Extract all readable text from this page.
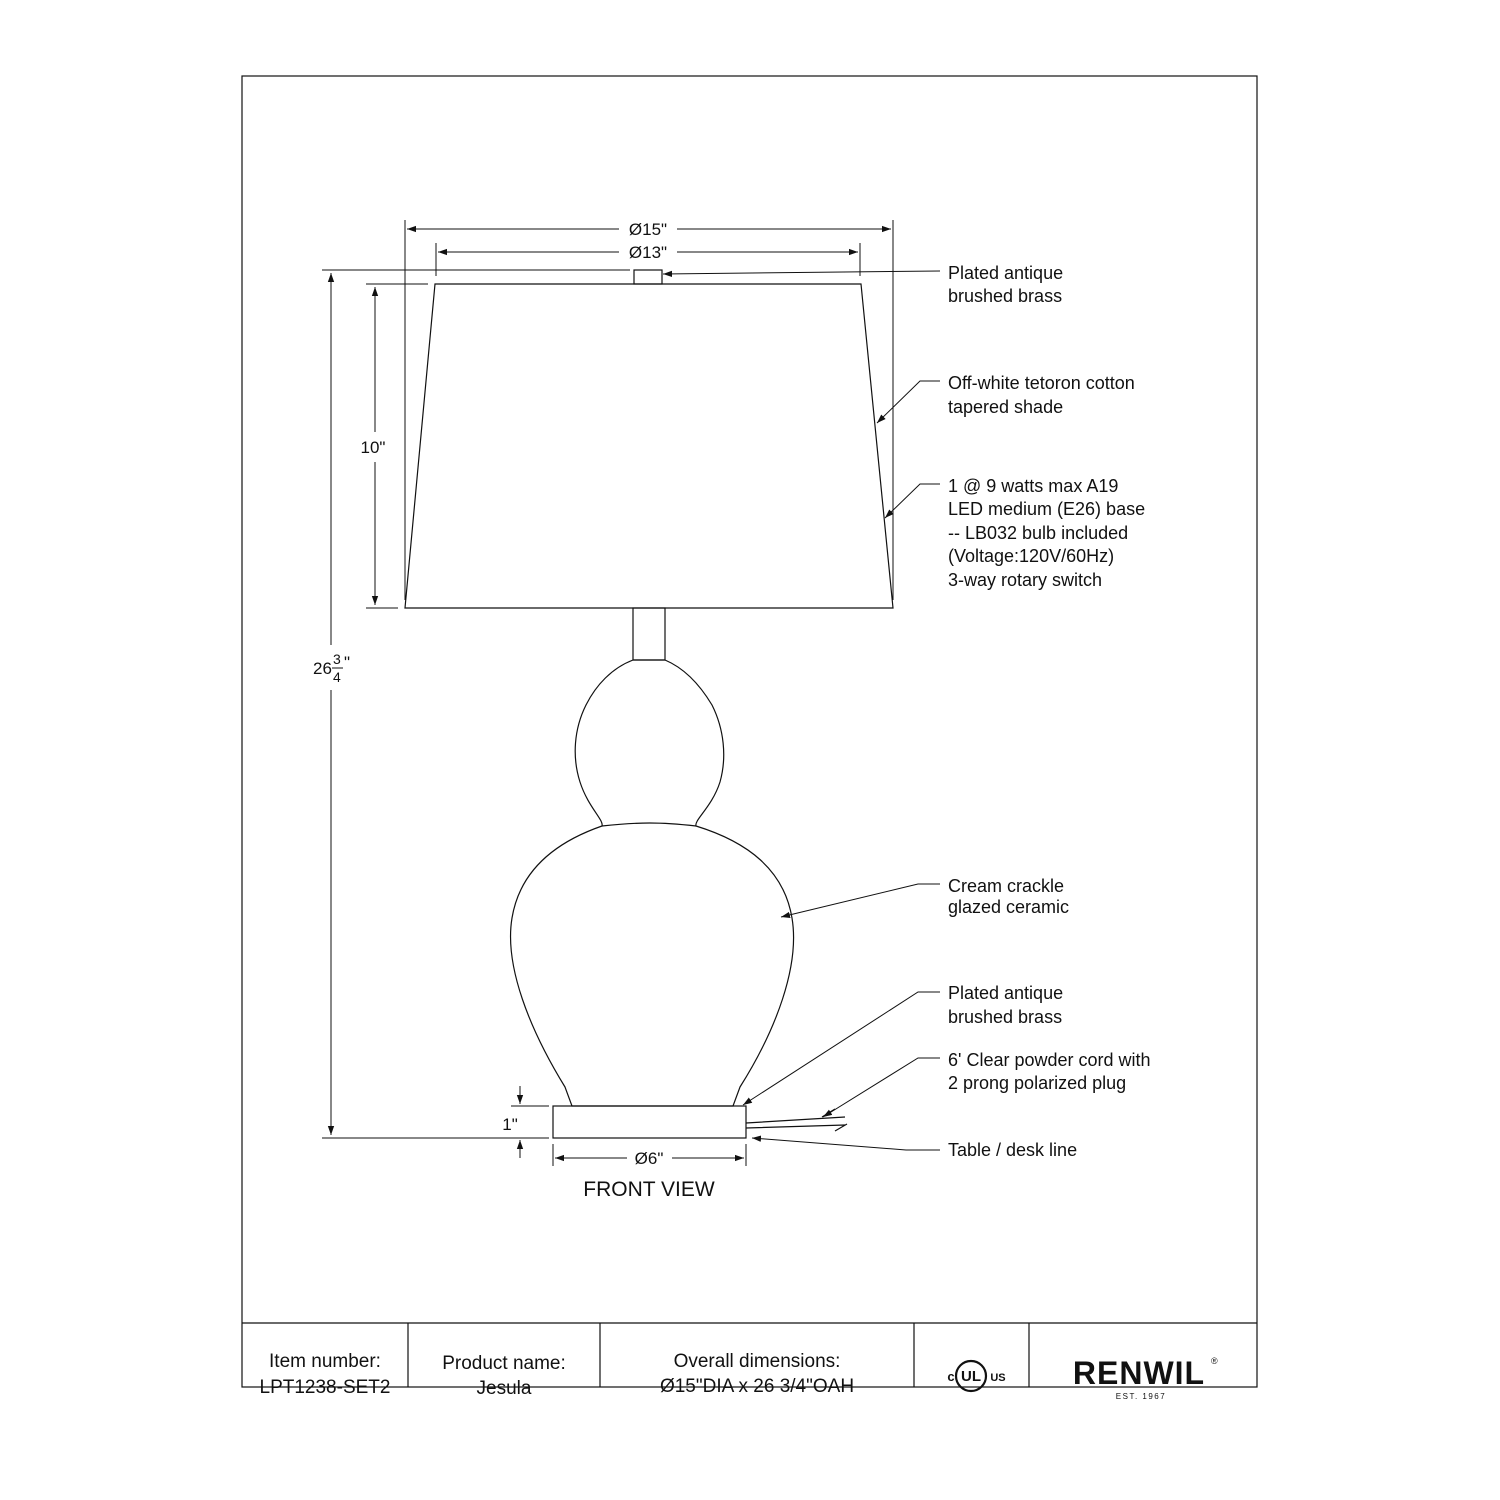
Ø15"
Ø13"
10"
26 3
4
"
1"
Ø6"
FRONT VIEW
Plated antique
brushed brass
Off-white tetoron cotton
tapered shade
1 @ 9 watts max A19
LED medium (E26) base
-- LB032 bulb included
(Voltage:120V/60Hz)
3-way rotary switch
Cream crackle
glazed ceramic
Plated antique
brushed brass
6' Clear powder cord with
2 prong polarized plug
Table / desk line
Item number:
LPT1238-SET2
Product name:
Jesula
Overall dimensions:
Ø15"DIA x 26 3/4"OAH	c UL US RENWIL ®
EST. 1967
